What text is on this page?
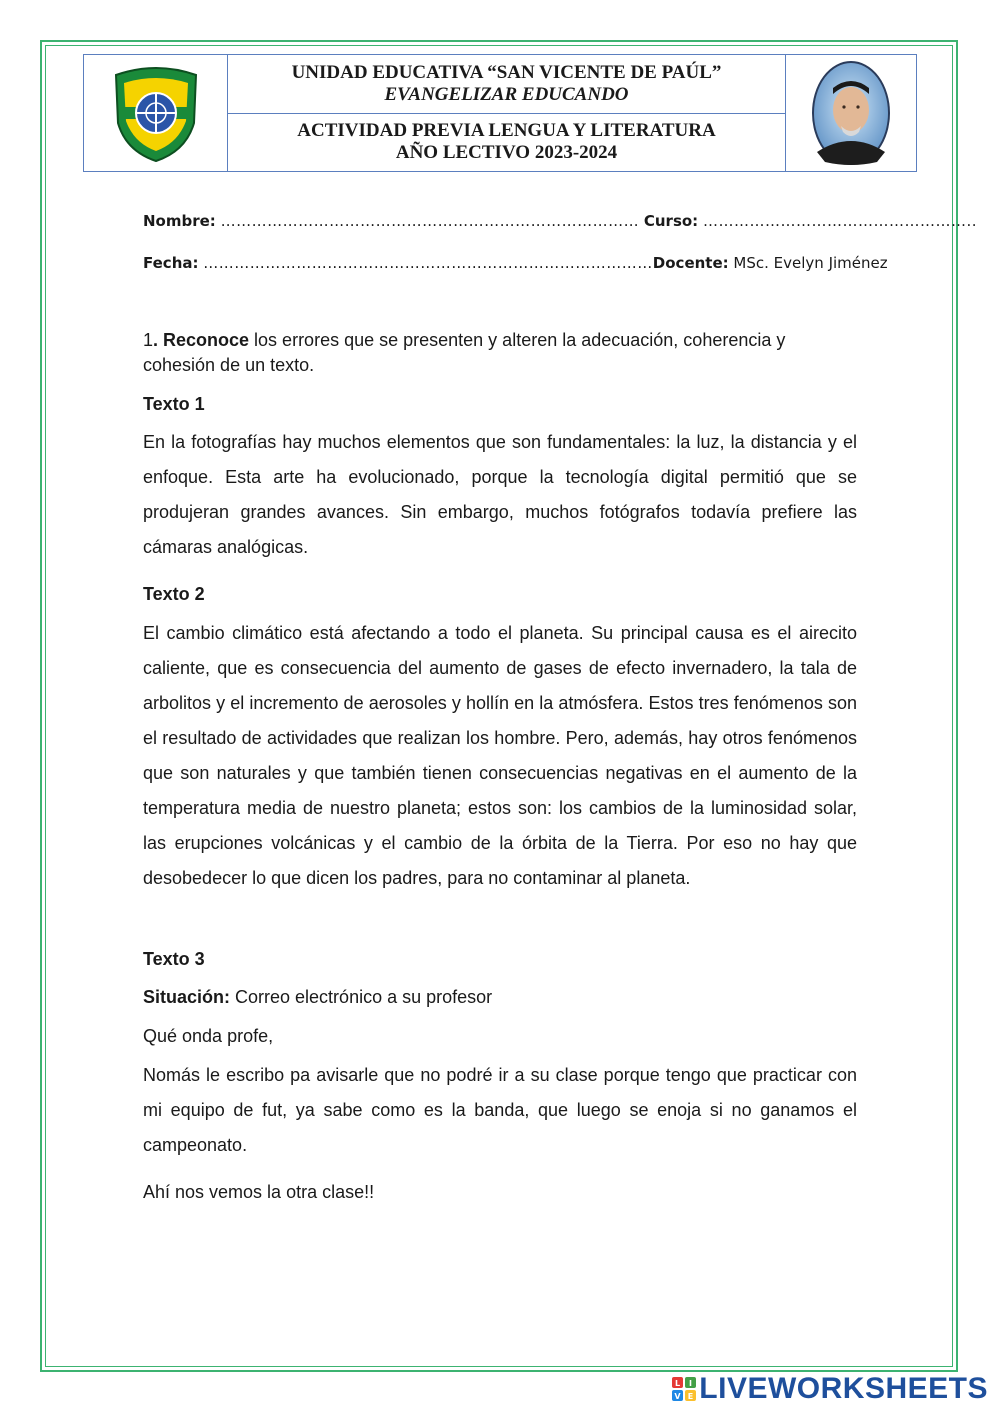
UNIDAD EDUCATIVA “SAN VICENTE DE PAÚL”
EVANGELIZAR EDUCANDO
ACTIVIDAD PREVIA LENGUA Y LITERATURA
AÑO LECTIVO 2023-2024
Nombre: ……………………………………………………………………… Curso: ……………………………………………..
Fecha: ……………………………………………………………………………Docente: MSc. Evelyn Jiménez

1. Reconoce los errores que se presenten y alteren la adecuación, coherencia y cohesión de un texto.

Texto 1

En la fotografías hay muchos elementos que son fundamentales: la luz, la distancia y el enfoque. Esta arte ha evolucionado, porque la tecnología digital permitió que se produjeran grandes avances. Sin embargo, muchos fotógrafos todavía prefiere las cámaras analógicas.

Texto 2

El cambio climático está afectando a todo el planeta. Su principal causa es el airecito caliente, que es consecuencia del aumento de gases de efecto invernadero, la tala de arbolitos y el incremento de aerosoles y hollín en la atmósfera. Estos tres fenómenos son el resultado de actividades que realizan los hombre. Pero, además, hay otros fenómenos que son naturales y que también tienen consecuencias negativas en el aumento de la temperatura media de nuestro planeta; estos son: los cambios de la luminosidad solar, las erupciones volcánicas y el cambio de la órbita de la Tierra. Por eso no hay que desobedecer lo que dicen los padres, para no contaminar al planeta.

Texto 3

Situación: Correo electrónico a su profesor

Qué onda profe,

Nomás le escribo pa avisarle que no podré ir a su clase porque tengo que practicar con mi equipo de fut, ya sabe como es la banda, que luego se enoja si no ganamos el campeonato.

Ahí nos vemos la otra clase!!

L I
V E LIVEWORKSHEETS
